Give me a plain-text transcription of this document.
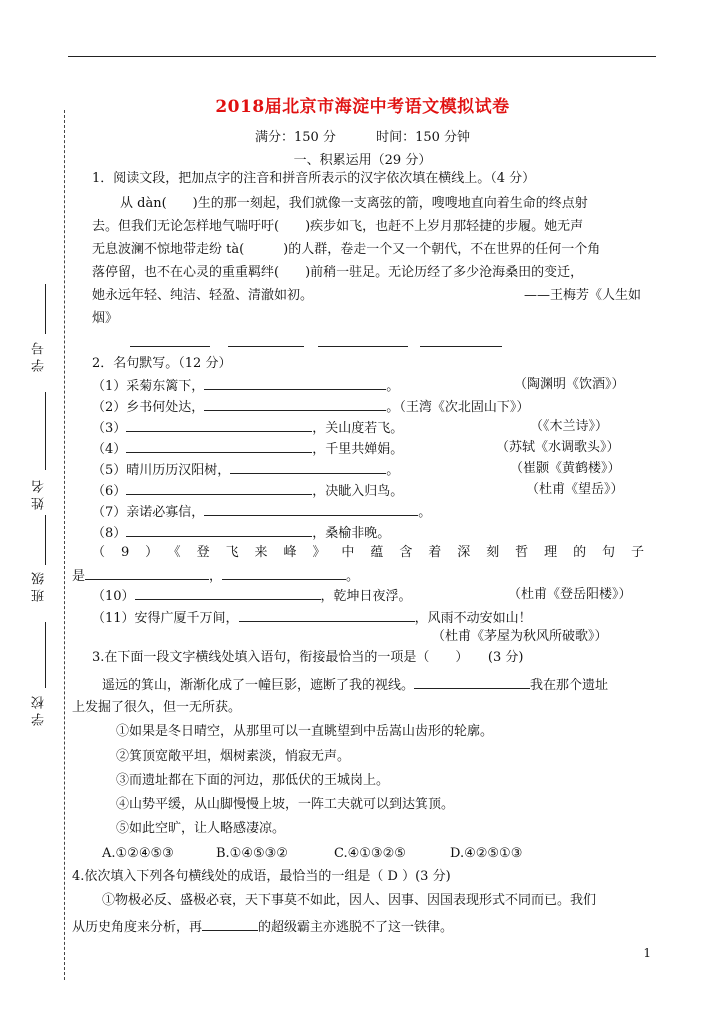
学号
姓名
班级
学校
2018届北京市海淀中考语文模拟试卷
满分：150 分	时间：150 分钟
一、积累运用（29 分）
1．阅读文段，把加点字的注音和拼音所表示的汉字依次填在横线上。（4 分）
从 dàn(　　)生的那一刻起，我们就像一支离弦的箭，嗖嗖地直向着生命的终点射
去。但我们无论怎样地气喘吁吁(　　)疾步如飞，也赶不上岁月那轻捷的步履。她无声
无息波澜不惊地带走纷 tà(　　　)的人群，卷走一个又一个朝代，不在世界的任何一个角
落停留，也不在心灵的重重羁绊(　　)前稍一驻足。无论历经了多少沧海桑田的变迁，
她永远年轻、纯洁、轻盈、清澈如初。	——王梅芳《人生如
烟》
2．名句默写。（12 分）
（1）采菊东篱下，	。	（陶渊明《饮酒》）
（2）乡书何处达，	。（王湾《次北固山下》）
（3）	，关山度若飞。	（《木兰诗》）
（4）	，千里共婵娟。	（苏轼《水调歌头》）
（5）晴川历历汉阳树，	。	（崔颢《黄鹤楼》）
（6）	，决眦入归鸟。	（杜甫《望岳》）
（7）亲诺必寡信，	。
（8）	，桑榆非晚。
（9）《登飞来峰》中蕴含着深刻哲理的句子
是	，	。
（10）	，乾坤日夜浮。	（杜甫《登岳阳楼》）
（11）安得广厦千万间，	，风雨不动安如山！
（杜甫《茅屋为秋风所破歌》）
3.在下面一段文字横线处填入语句，衔接最恰当的一项是（　　）　　(3 分)
遥远的箕山，渐渐化成了一幢巨影，遮断了我的视线。	我在那个遗址
上发掘了很久，但一无所获。
①如果是冬日晴空，从那里可以一直眺望到中岳嵩山齿形的轮廓。
②箕顶宽敞平坦，烟树素淡，悄寂无声。
③而遗址都在下面的河边，那低伏的王城岗上。
④山势平缓，从山脚慢慢上坡，一阵工夫就可以到达箕顶。
⑤如此空旷，让人略感凄凉。
A.①②④⑤③	B.①④⑤③②	C.④①③②⑤	D.④②⑤①③
4.依次填入下列各句横线处的成语，最恰当的一组是（ D ）(3 分)
①物极必反、盛极必衰，天下事莫不如此，因人、因事、因国表现形式不同而已。我们
从历史角度来分析，再	的超级霸主亦逃脱不了这一铁律。
1
